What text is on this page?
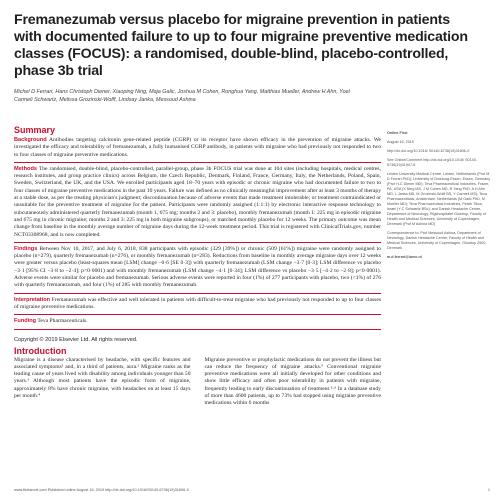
Fremanezumab versus placebo for migraine prevention in patients with documented failure to up to four migraine preventive medication classes (FOCUS): a randomised, double-blind, placebo-controlled, phase 3b trial

Michel D Ferrari, Hans Christoph Diener, Xiaoping Ning, Maja Galic, Joshua M Cohen, Ronghua Yang, Matthias Mueller, Andrew H Ahn, Yoel Carmeli Schwartz, Melissa Grozinski-Wolff, Lindsay Janka, Messoud Ashina

Summary

Background Antibodies targeting calcitonin gene-related peptide (CGRP) or its receptor have shown efficacy in the prevention of migraine attacks. We investigated the efficacy and tolerability of fremanezumab, a fully humanised CGRP antibody, in patients with migraine who had previously not responded to two to four classes of migraine preventive medications.

Methods The randomised, double-blind, placebo-controlled, parallel-group, phase 3b FOCUS trial was done at 104 sites (including hospitals, medical centres, research institutes, and group practice clinics) across Belgium, the Czech Republic, Denmark, Finland, France, Germany, Italy, the Netherlands, Poland, Spain, Sweden, Switzerland, the UK, and the USA. We enrolled participants aged 18–70 years with episodic or chronic migraine who had documented failure to two to four classes of migraine preventive medications in the past 10 years. Failure was defined as no clinically meaningful improvement after at least 3 months of therapy at a stable dose, as per the treating physician's judgment; discontinuation because of adverse events that made treatment intolerable; or treatment contraindicated or unsuitable for the preventive treatment of migraine for the patient. Participants were randomly assigned (1:1:1) by electronic interactive response technology to subcutaneously administered quarterly fremanezumab (month 1, 675 mg; months 2 and 3: placebo), monthly fremanezumab (month 1: 225 mg in episodic migraine and 675 mg in chronic migraine; months 2 and 3: 225 mg in both migraine subgroups), or matched monthly placebo for 12 weeks. The primary outcome was mean change from baseline in the monthly average number of migraine days during the 12-week treatment period. This trial is registered with ClinicalTrials.gov, number NCT03308968, and is now completed.

Findings Between Nov 10, 2017, and July 6, 2018, 838 participants with episodic (329 [39%]) or chronic (509 [61%]) migraine were randomly assigned to placebo (n=279), quarterly fremanezumab (n=276), or monthly fremanezumab (n=283). Reductions from baseline in monthly average migraine days over 12 weeks were greater versus placebo (least-squares mean [LSM] change −0·6 [SE 0·3]) with quarterly fremanezumab (LSM change −3·7 [0·3]; LSM difference vs placebo −3·1 [95% CI −3·8 to −2·4]; p<0·0001) and with monthly fremanezumab (LSM change −4·1 [0·34]; LSM difference vs placebo −3·5 [−4·2 to −2·8]; p<0·0001). Adverse events were similar for placebo and fremanezumab. Serious adverse events were reported in four (1%) of 277 participants with placebo, two (<1%) of 276 with quarterly fremanezumab, and four (1%) of 285 with monthly fremanezumab.

Interpretation Fremanezumab was effective and well tolerated in patients with difficult-to-treat migraine who had previously not responded to up to four classes of migraine preventive medications.

Funding Teva Pharmaceuticals.

Copyright © 2019 Elsevier Ltd. All rights reserved.

Introduction

Migraine is a disease characterised by headache, with specific features and associated symptoms¹ and, in a third of patients, aura.² Migraine ranks as the leading cause of years lived with disability among individuals younger than 50 years.³ Although most patients have the episodic form of migraine, approximately 8% have chronic migraine, with headaches on at least 15 days per month.⁴

Migraine preventive or prophylactic medications do not prevent the illness but can reduce the frequency of migraine attacks.⁵ Conventional migraine preventive medications were all initially developed for other conditions and show little efficacy and often poor tolerability in patients with migraine, frequently leading to early discontinuation of treatment.⁵·⁶ In a database study of more than 4600 patients, up to 73% had stopped using migraine preventive medications within 6 months

Online First

August 16, 2019

http://dx.doi.org/10.1016/ S0140-6736(19)31606-X

See Online/Comment http://dx.doi.org/10.1016/ S0140-6736(19)31947-6

Leiden University Medical Centre, Leiden, Netherlands (Prof M D Ferrari PhD); University of Duisburg-Essen, Essen, Germany (Prof H-C Diener MD); Teva Pharmaceutical Industries, Frazer, PA, USA (X Ning MS, J M Cohen MD, R Yang PhD, A H Ahn MD, L Janka MD, M Grozinski-Wolff BS, Y Carmeli MS); Teva Pharmaceuticals, Amsterdam, Netherlands (M Galic PhD, M Mueller MD); Teva Pharmaceutical Industries, Petah Tikva, Israel (Y C Schwartz BSc); and Danish Headache Centre, Department of Neurology, Rigshospitalet Glostrup, Faculty of Health and Medical Sciences, University of Copenhagen, Denmark (Prof M Ashina MD)

Correspondence to: Prof Messoud Ashina, Department of Neurology, Danish Headache Centre, Faculty of Health and Medical Sciences, University of Copenhagen, Glostrup 2600, Denmark

m.d.ferrari@lumc.nl

www.thelancet.com Published online August 16, 2019 http://dx.doi.org/10.1016/S0140-6736(19)31606-X	1
